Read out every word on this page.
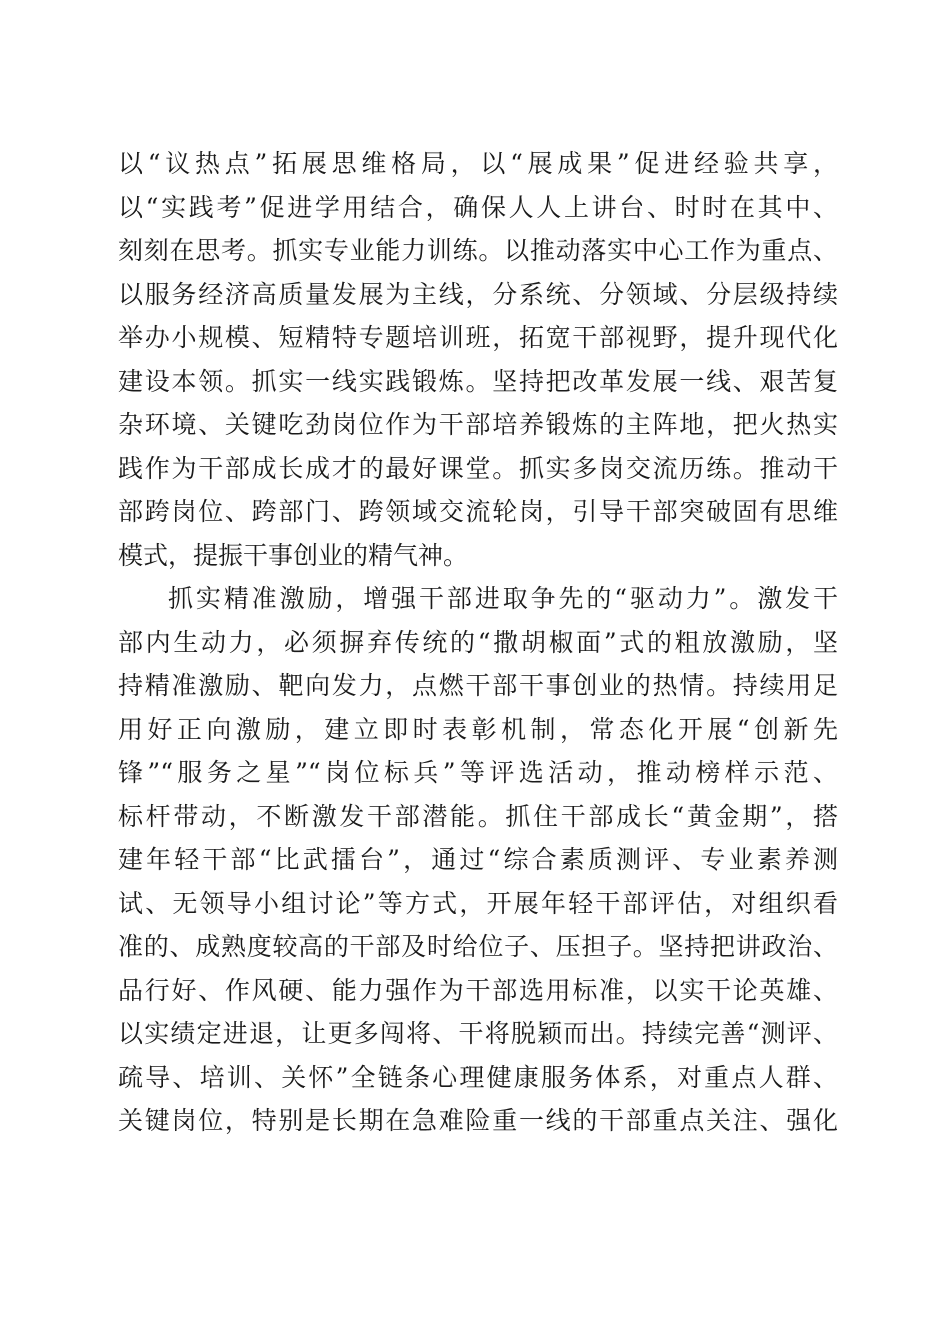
以“议热点”拓展思维格局，以“展成果”促进经验共享，
以“实践考”促进学用结合，确保人人上讲台、时时在其中、
刻刻在思考。抓实专业能力训练。以推动落实中心工作为重点、
以服务经济高质量发展为主线，分系统、分领域、分层级持续
举办小规模、短精特专题培训班，拓宽干部视野，提升现代化
建设本领。抓实一线实践锻炼。坚持把改革发展一线、艰苦复
杂环境、关键吃劲岗位作为干部培养锻炼的主阵地，把火热实
践作为干部成长成才的最好课堂。抓实多岗交流历练。推动干
部跨岗位、跨部门、跨领域交流轮岗，引导干部突破固有思维
模式，提振干事创业的精气神。
抓实精准激励，增强干部进取争先的“驱动力”。激发干
部内生动力，必须摒弃传统的“撒胡椒面”式的粗放激励，坚
持精准激励、靶向发力，点燃干部干事创业的热情。持续用足
用好正向激励，建立即时表彰机制，常态化开展“创新先
锋”“服务之星”“岗位标兵”等评选活动，推动榜样示范、
标杆带动，不断激发干部潜能。抓住干部成长“黄金期”，搭
建年轻干部“比武擂台”，通过“综合素质测评、专业素养测
试、无领导小组讨论”等方式，开展年轻干部评估，对组织看
准的、成熟度较高的干部及时给位子、压担子。坚持把讲政治、
品行好、作风硬、能力强作为干部选用标准，以实干论英雄、
以实绩定进退，让更多闯将、干将脱颖而出。持续完善“测评、
疏导、培训、关怀”全链条心理健康服务体系，对重点人群、
关键岗位，特别是长期在急难险重一线的干部重点关注、强化
